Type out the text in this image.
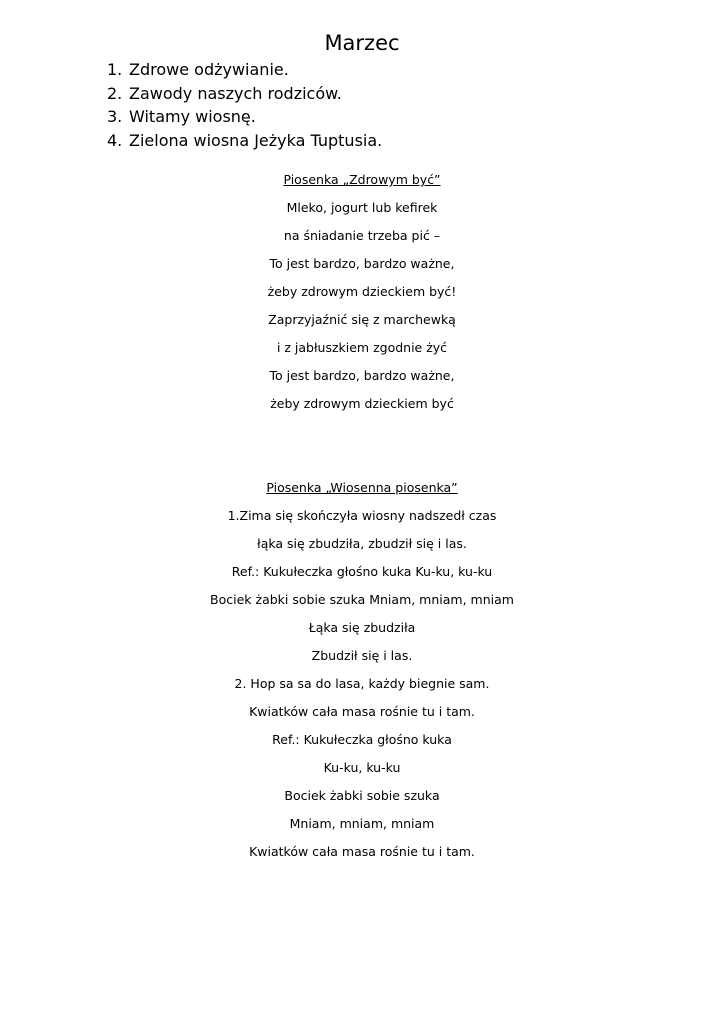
Marzec
1. Zdrowe odżywianie.
2. Zawody naszych rodziców.
3. Witamy wiosnę.
4. Zielona wiosna Jeżyka Tuptusia.
Piosenka „Zdrowym być”
Mleko, jogurt lub kefirek
na śniadanie trzeba pić –
To jest bardzo, bardzo ważne,
żeby zdrowym dzieckiem być!
Zaprzyjaźnić się z marchewką
i z jabłuszkiem zgodnie żyć
To jest bardzo, bardzo ważne,
żeby zdrowym dzieckiem być
Piosenka „Wiosenna piosenka”
1.Zima się skończyła wiosny nadszedł czas
łąka się zbudziła, zbudził się i las.
Ref.: Kukułeczka głośno kuka Ku-ku, ku-ku
Bociek żabki sobie szuka Mniam, mniam, mniam
Łąka się zbudziła
Zbudził się i las.
2. Hop sa sa do lasa, każdy biegnie sam.
Kwiatków cała masa rośnie tu i tam.
Ref.: Kukułeczka głośno kuka
Ku-ku, ku-ku
Bociek żabki sobie szuka
Mniam, mniam, mniam
Kwiatków cała masa rośnie tu i tam.
